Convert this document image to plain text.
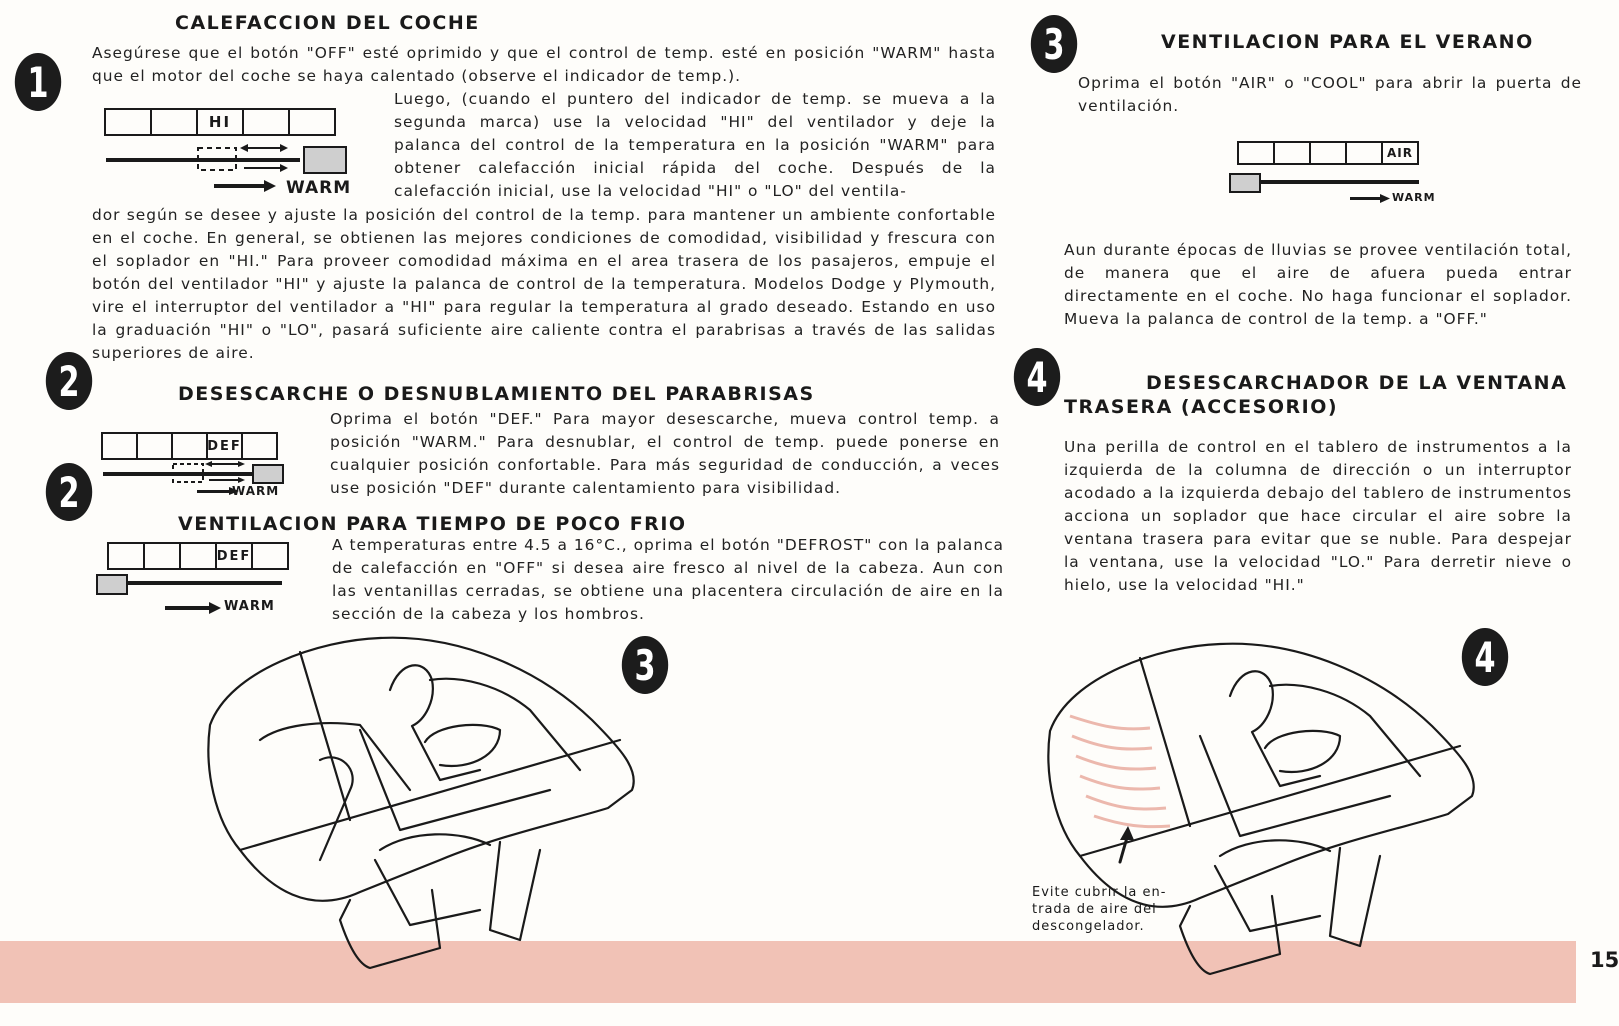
CALEFACCION DEL COCHE
1
Asegúrese que el botón "OFF" esté oprimido y que el control de temp. esté en posición "WARM" hasta que el motor del coche se haya calentado (observe el indicador de temp.).
HI
WARM
Luego, (cuando el puntero del indicador de temp. se mueva a la segunda marca) use la velocidad "HI" del ventilador y deje la palanca del control de la temperatura en la posición "WARM" para obtener calefacción inicial rápida del coche. Después de la calefacción inicial, use la velocidad "HI" o "LO" del ventila-
dor según se desee y ajuste la posición del control de la temp. para mantener un ambiente confortable en el coche. En general, se obtienen las mejores condiciones de comodidad, visibilidad y frescura con el soplador en "HI." Para proveer comodidad máxima en el area trasera de los pasajeros, empuje el botón del ventilador "HI" y ajuste la palanca de control de la temperatura. Modelos Dodge y Plymouth, vire el interruptor del ventilador a "HI" para regular la temperatura al grado deseado. Estando en uso la graduación "HI" o "LO", pasará suficiente aire caliente contra el parabrisas a través de las salidas superiores de aire.
2	DESESCARCHE O DESNUBLAMIENTO DEL PARABRISAS
DEF
WARM
Oprima el botón "DEF." Para mayor desescarche, mueva control temp. a posición "WARM." Para desnublar, el control de temp. puede ponerse en cualquier posición confortable. Para más seguridad de conducción, a veces use posición "DEF" durante calentamiento para visibilidad.
2
VENTILACION PARA TIEMPO DE POCO FRIO
DEF
WARM
A temperaturas entre 4.5 a 16°C., oprima el botón "DEFROST" con la palanca de calefacción en "OFF" si desea aire fresco al nivel de la cabeza. Aun con las ventanillas cerradas, se obtiene una placentera circulación de aire en la sección de la cabeza y los hombros.
3	VENTILACION PARA EL VERANO
Oprima el botón "AIR" o "COOL" para abrir la puerta de ventilación.
AIR
WARM
Aun durante épocas de lluvias se provee ventilación total, de manera que el aire de afuera pueda entrar directamente en el coche. No haga funcionar el soplador. Mueva la palanca de control de la temp. a "OFF."
4	DESESCARCHADOR DE LA VENTANA
TRASERA (ACCESORIO)
Una perilla de control en el tablero de instrumentos a la izquierda de la columna de dirección o un interruptor acodado a la izquierda debajo del tablero de instrumentos acciona un soplador que hace circular el aire sobre la ventana trasera para evitar que se nuble. Para despejar la ventana, use la velocidad "LO." Para derretir nieve o hielo, use la velocidad "HI."
15
3	4
Evite cubrir la en-
trada de aire del
descongelador.
